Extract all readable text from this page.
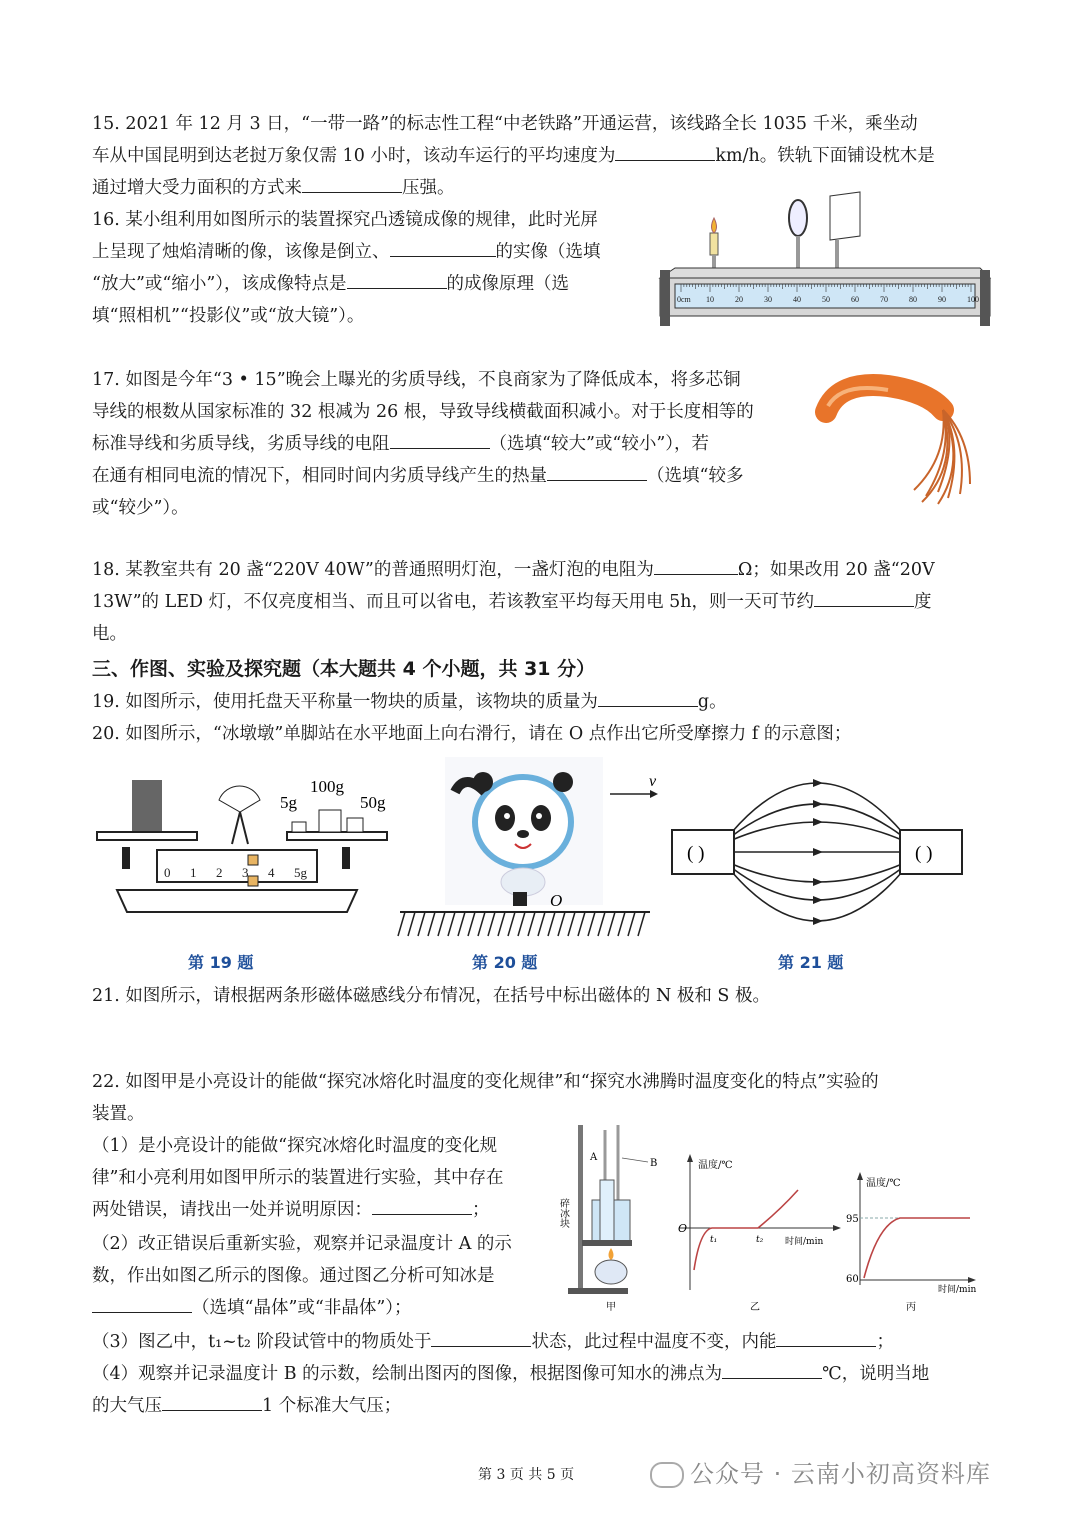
15. 2021 年 12 月 3 日，“一带一路”的标志性工程“中老铁路”开通运营，该线路全长 1035 千米，乘坐动

车从中国昆明到达老挝万象仅需 10 小时，该动车运行的平均速度为	km/h。铁轨下面铺设枕木是

通过增大受力面积的方式来	压强。

16. 某小组利用如图所示的装置探究凸透镜成像的规律，此时光屏

上呈现了烛焰清晰的像，该像是倒立、	的实像（选填

“放大”或“缩小”），该成像特点是	的成像原理（选

填“照相机”“投影仪”或“放大镜”）。

0cm 10	20	30	40	50	60	70	80	90	100

17. 如图是今年“3 • 15”晚会上曝光的劣质导线，不良商家为了降低成本，将多芯铜

导线的根数从国家标准的 32 根减为 26 根，导致导线横截面积减小。对于长度相等的

标准导线和劣质导线，劣质导线的电阻	（选填“较大”或“较小”），若

在通有相同电流的情况下，相同时间内劣质导线产生的热量	（选填“较多

或“较少”）。

18. 某教室共有 20 盏“220V 40W”的普通照明灯泡，一盏灯泡的电阻为	Ω；如果改用 20 盏“20V

13W”的 LED 灯，不仅亮度相当、而且可以省电，若该教室平均每天用电 5h，则一天可节约	度

电。

三、作图、实验及探究题（本大题共 4 个小题，共 31 分）

19. 如图所示，使用托盘天平称量一物块的质量，该物块的质量为	g。

20. 如图所示，“冰墩墩”单脚站在水平地面上向右滑行，请在 O 点作出它所受摩擦力 f 的示意图；

5g
100g
50g
0 1 2 3 4 5g
第 19 题
v
O
第 20 题
( )	( )
第 21 题

21. 如图所示，请根据两条形磁体磁感线分布情况，在括号中标出磁体的 N 极和 S 极。

22. 如图甲是小亮设计的能做“探究冰熔化时温度的变化规律”和“探究水沸腾时温度变化的特点”实验的

装置。

（1）是小亮设计的能做“探究冰熔化时温度的变化规

律”和小亮利用如图甲所示的装置进行实验，其中存在

两处错误，请找出一处并说明原因：	；

（2）改正错误后重新实验，观察并记录温度计 A 的示

数，作出如图乙所示的图像。通过图乙分析可知冰是

（选填“晶体”或“非晶体”）；

（3）图乙中，t₁~t₂ 阶段试管中的物质处于	状态，此过程中温度不变，内能	；

（4）观察并记录温度计 B 的示数，绘制出图丙的图像，根据图像可知水的沸点为	℃，说明当地

的大气压	1 个标准大气压；

A
B
碎冰块
甲
温度/℃
时间/min
O
t₁	t₂
乙
温度/℃
时间/min
95
60
丙
第 3 页 共 5 页	公众号 · 云南小初高资料库
